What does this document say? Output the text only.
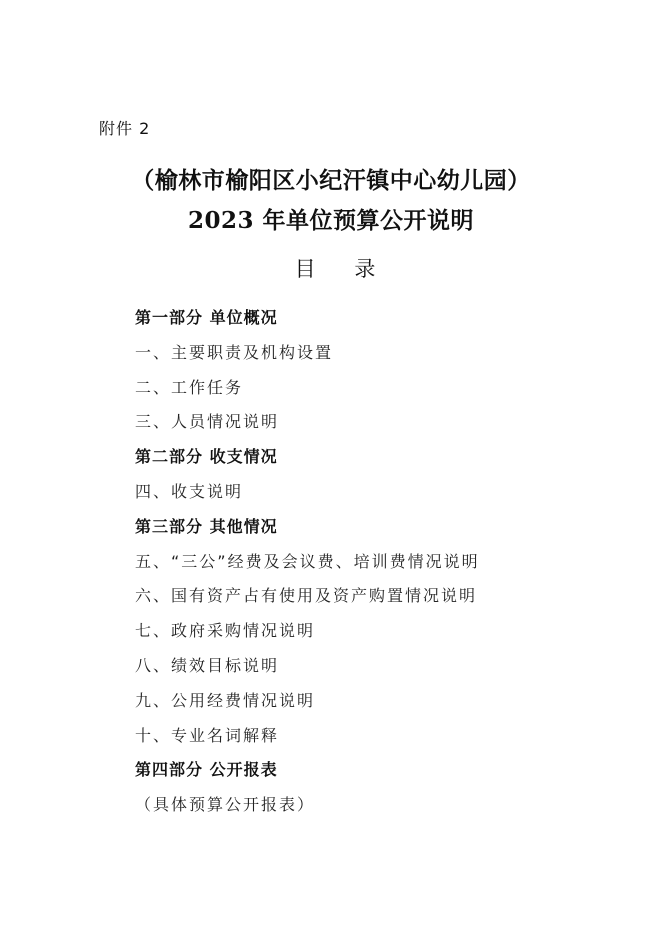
附件 2
（榆林市榆阳区小纪汗镇中心幼儿园）
2023 年单位预算公开说明
目 录
第一部分 单位概况
一、主要职责及机构设置
二、工作任务
三、人员情况说明
第二部分 收支情况
四、收支说明
第三部分 其他情况
五、“三公”经费及会议费、培训费情况说明
六、国有资产占有使用及资产购置情况说明
七、政府采购情况说明
八、绩效目标说明
九、公用经费情况说明
十、专业名词解释
第四部分 公开报表
（具体预算公开报表）
